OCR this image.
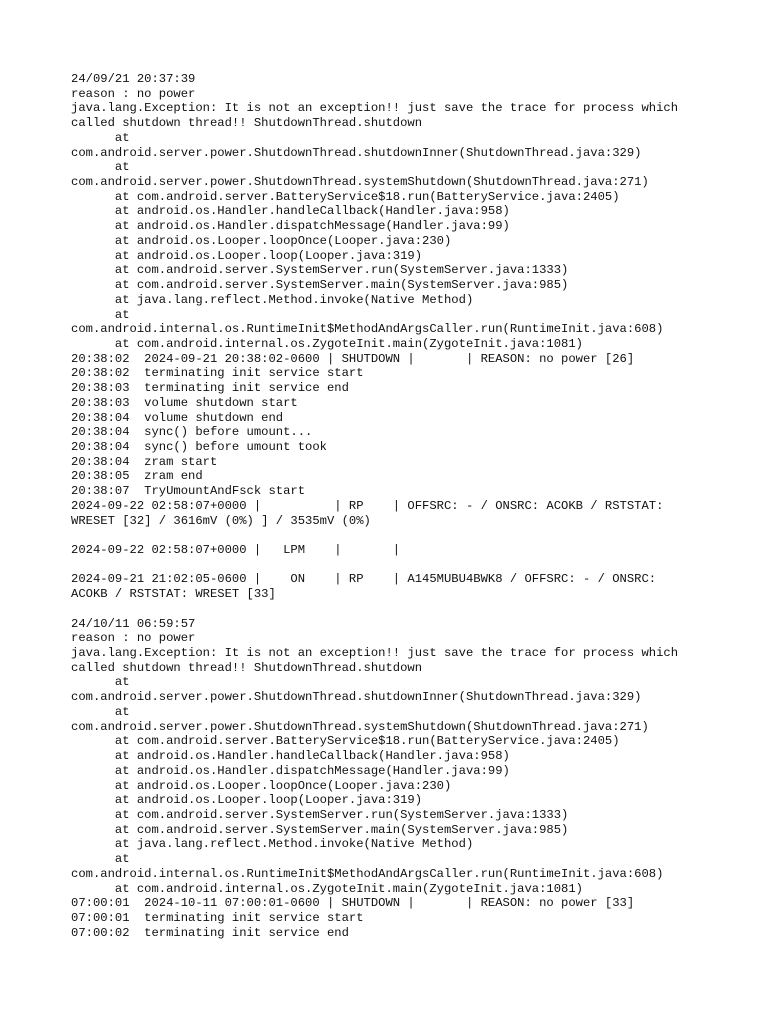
24/09/21 20:37:39
reason : no power
java.lang.Exception: It is not an exception!! just save the trace for process which
called shutdown thread!! ShutdownThread.shutdown
at
com.android.server.power.ShutdownThread.shutdownInner(ShutdownThread.java:329)
at
com.android.server.power.ShutdownThread.systemShutdown(ShutdownThread.java:271)
at com.android.server.BatteryService$18.run(BatteryService.java:2405)
at android.os.Handler.handleCallback(Handler.java:958)
at android.os.Handler.dispatchMessage(Handler.java:99)
at android.os.Looper.loopOnce(Looper.java:230)
at android.os.Looper.loop(Looper.java:319)
at com.android.server.SystemServer.run(SystemServer.java:1333)
at com.android.server.SystemServer.main(SystemServer.java:985)
at java.lang.reflect.Method.invoke(Native Method)
at
com.android.internal.os.RuntimeInit$MethodAndArgsCaller.run(RuntimeInit.java:608)
at com.android.internal.os.ZygoteInit.main(ZygoteInit.java:1081)
20:38:02  2024-09-21 20:38:02-0600 | SHUTDOWN |       | REASON: no power [26]
20:38:02  terminating init service start
20:38:03  terminating init service end
20:38:03  volume shutdown start
20:38:04  volume shutdown end
20:38:04  sync() before umount...
20:38:04  sync() before umount took
20:38:04  zram start
20:38:05  zram end
20:38:07  TryUmountAndFsck start
2024-09-22 02:58:07+0000 |          | RP    | OFFSRC: - / ONSRC: ACOKB / RSTSTAT:
WRESET [32] / 3616mV (0%) ] / 3535mV (0%)
2024-09-22 02:58:07+0000 |   LPM    |       |
2024-09-21 21:02:05-0600 |    ON    | RP    | A145MUBU4BWK8 / OFFSRC: - / ONSRC:
ACOKB / RSTSTAT: WRESET [33]
24/10/11 06:59:57
reason : no power
java.lang.Exception: It is not an exception!! just save the trace for process which
called shutdown thread!! ShutdownThread.shutdown
at
com.android.server.power.ShutdownThread.shutdownInner(ShutdownThread.java:329)
at
com.android.server.power.ShutdownThread.systemShutdown(ShutdownThread.java:271)
at com.android.server.BatteryService$18.run(BatteryService.java:2405)
at android.os.Handler.handleCallback(Handler.java:958)
at android.os.Handler.dispatchMessage(Handler.java:99)
at android.os.Looper.loopOnce(Looper.java:230)
at android.os.Looper.loop(Looper.java:319)
at com.android.server.SystemServer.run(SystemServer.java:1333)
at com.android.server.SystemServer.main(SystemServer.java:985)
at java.lang.reflect.Method.invoke(Native Method)
at
com.android.internal.os.RuntimeInit$MethodAndArgsCaller.run(RuntimeInit.java:608)
at com.android.internal.os.ZygoteInit.main(ZygoteInit.java:1081)
07:00:01  2024-10-11 07:00:01-0600 | SHUTDOWN |       | REASON: no power [33]
07:00:01  terminating init service start
07:00:02  terminating init service end
